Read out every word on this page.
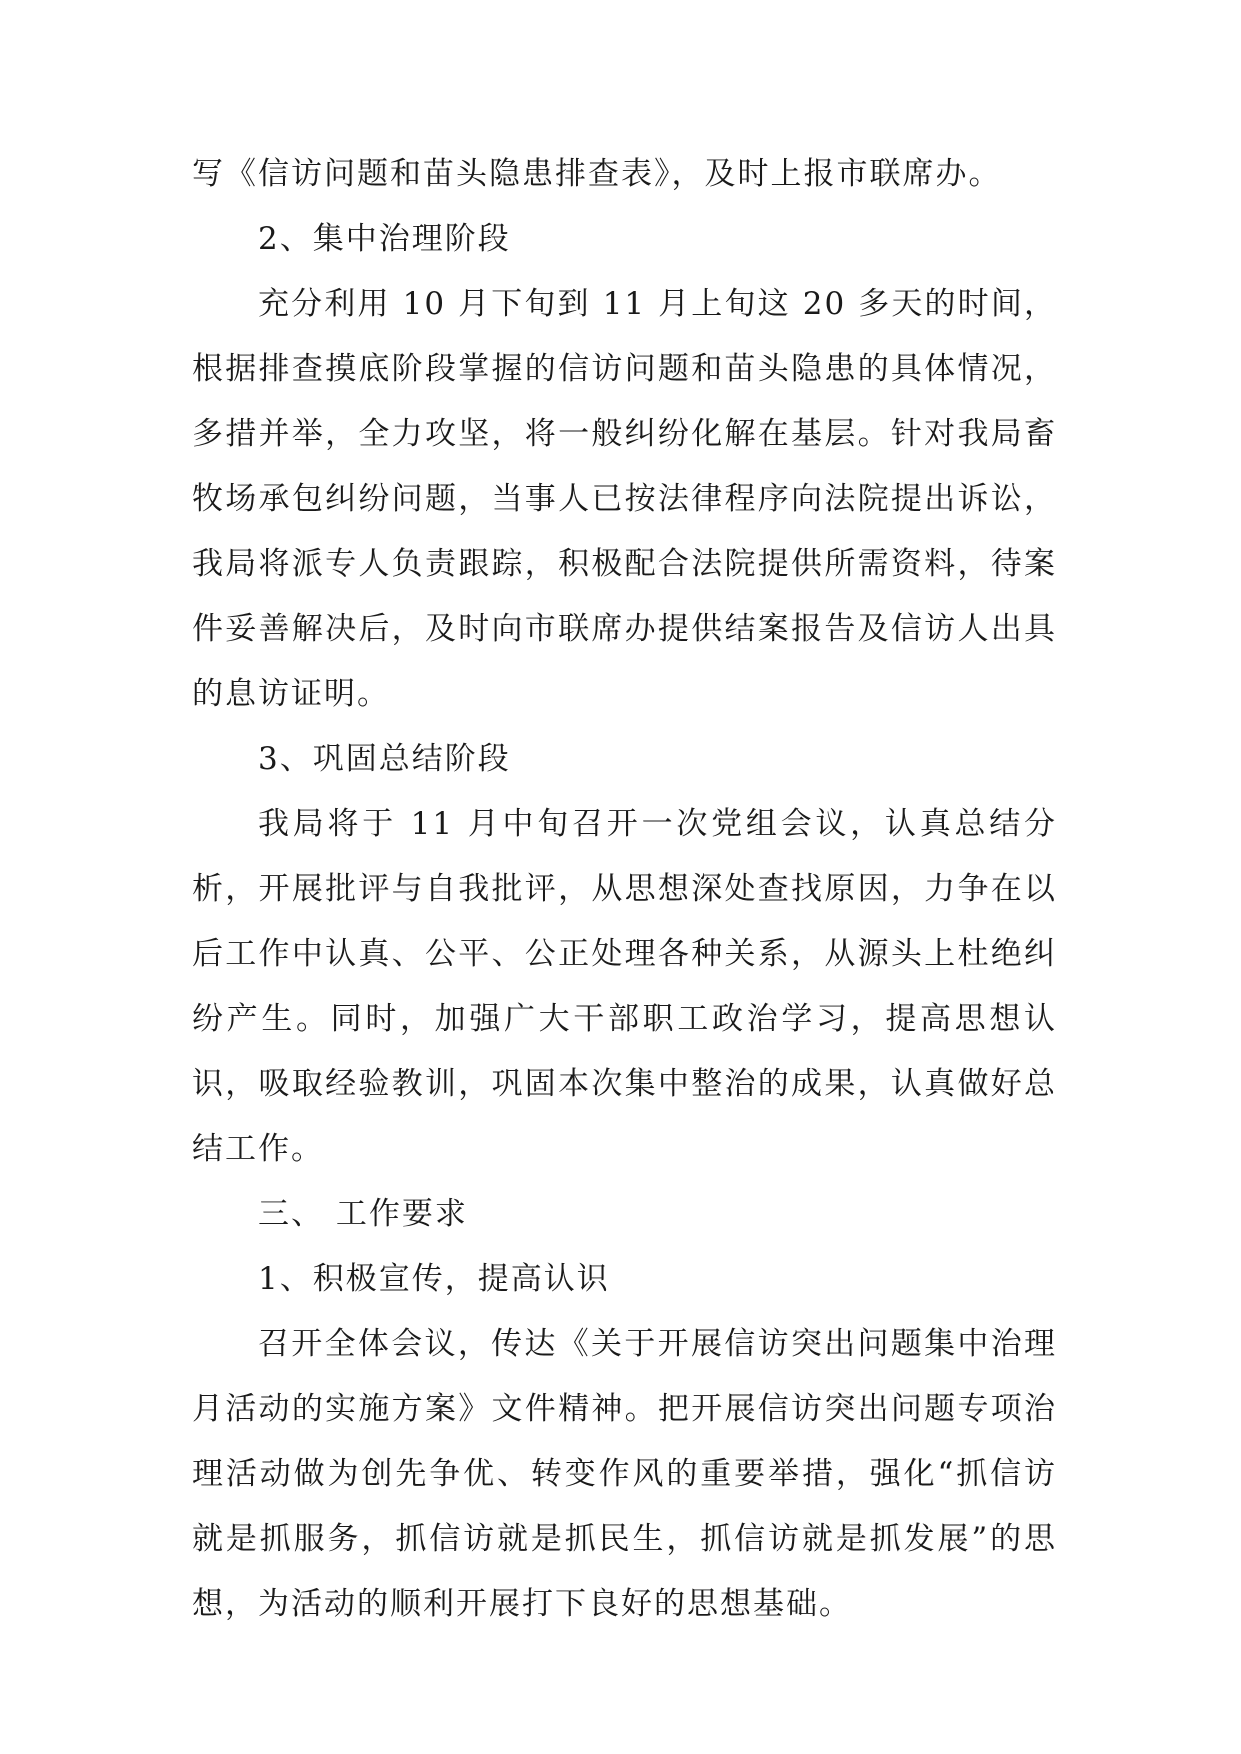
写《信访问题和苗头隐患排查表》，及时上报市联席办。

2、集中治理阶段

充分利用 10 月下旬到 11 月上旬这 20 多天的时间，根据排查摸底阶段掌握的信访问题和苗头隐患的具体情况，多措并举，全力攻坚，将一般纠纷化解在基层。针对我局畜牧场承包纠纷问题，当事人已按法律程序向法院提出诉讼，我局将派专人负责跟踪，积极配合法院提供所需资料，待案件妥善解决后，及时向市联席办提供结案报告及信访人出具的息访证明。

3、巩固总结阶段

我局将于 11 月中旬召开一次党组会议，认真总结分析，开展批评与自我批评，从思想深处查找原因，力争在以后工作中认真、公平、公正处理各种关系，从源头上杜绝纠纷产生。同时，加强广大干部职工政治学习，提高思想认识，吸取经验教训，巩固本次集中整治的成果，认真做好总结工作。

三、 工作要求

1、积极宣传，提高认识

召开全体会议，传达《关于开展信访突出问题集中治理月活动的实施方案》文件精神。把开展信访突出问题专项治理活动做为创先争优、转变作风的重要举措，强化“抓信访就是抓服务，抓信访就是抓民生，抓信访就是抓发展”的思想，为活动的顺利开展打下良好的思想基础。
